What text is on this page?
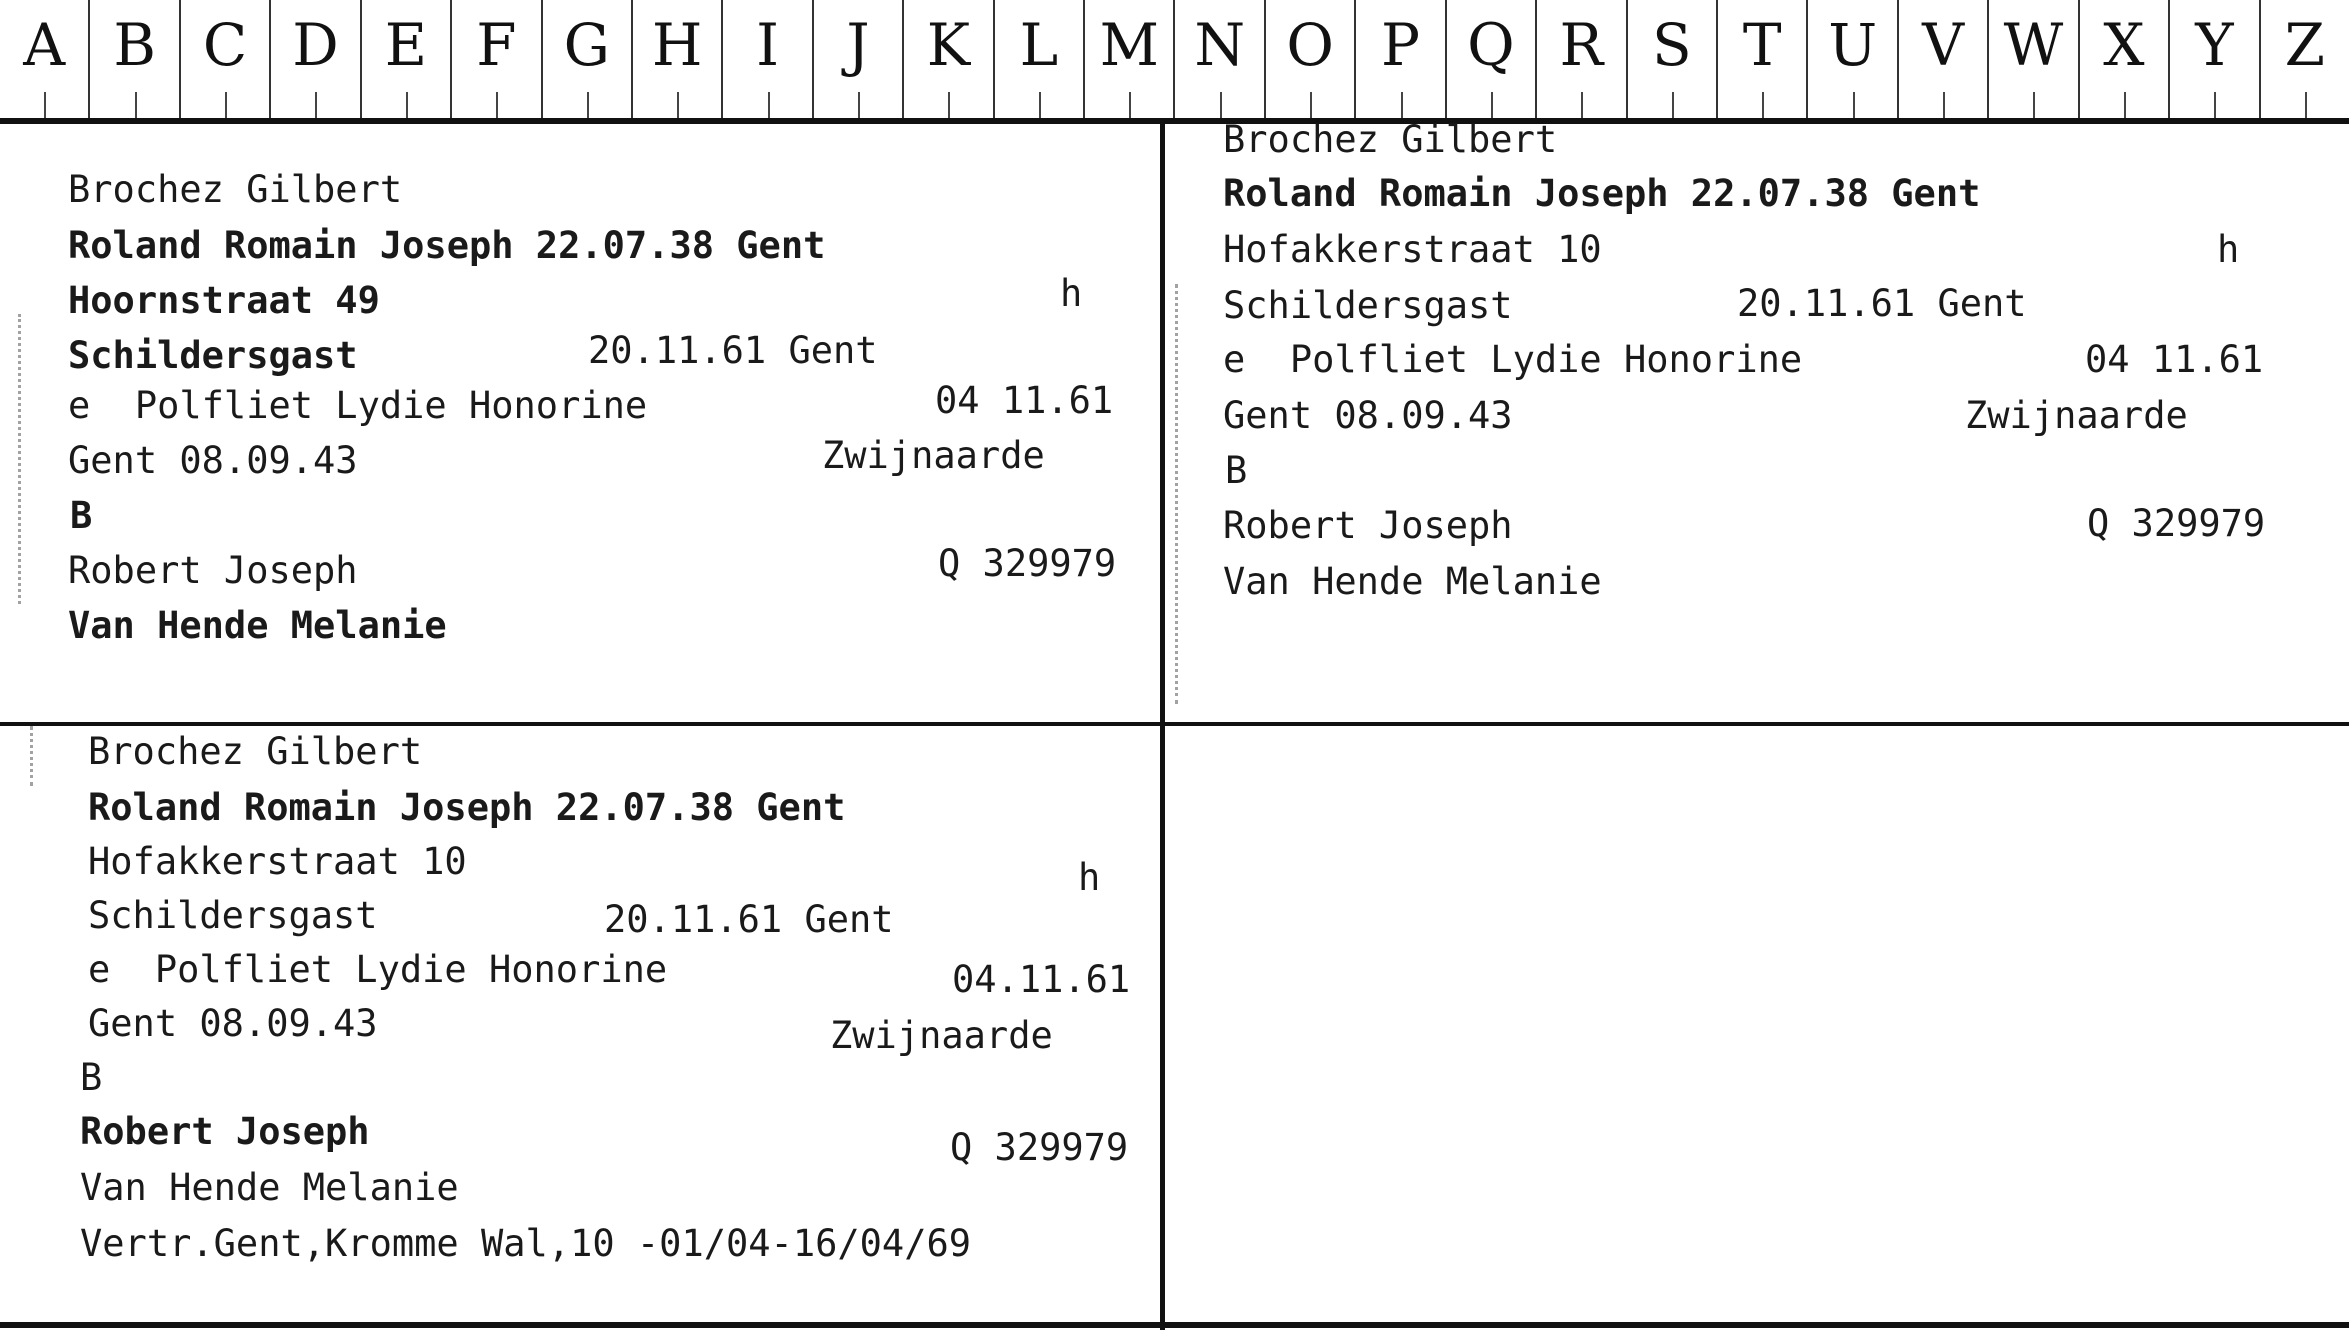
A B C D E F G H I	J K L M N O P Q R S T U V W X Y Z
Brochez Gilbert
Roland Romain Joseph 22.07.38 Gent
Hoornstraat 49	h
Schildersgast	20.11.61 Gent
e  Polfliet Lydie Honorine	04 11.61
Gent 08.09.43	Zwijnaarde
B
Robert Joseph	Q 329979
Van Hende Melanie
Brochez Gilbert
Roland Romain Joseph 22.07.38 Gent
Hofakkerstraat 10	h
Schildersgast	20.11.61 Gent
e  Polfliet Lydie Honorine	04 11.61
Gent 08.09.43	Zwijnaarde
B
Robert Joseph	Q 329979
Van Hende Melanie
Brochez Gilbert
Roland Romain Joseph 22.07.38 Gent
Hofakkerstraat 10	h
Schildersgast	20.11.61 Gent
e  Polfliet Lydie Honorine	04.11.61
Gent 08.09.43	Zwijnaarde
B
Robert Joseph	Q 329979
Van Hende Melanie
Vertr.Gent,Kromme Wal,10 -01/04-16/04/69
